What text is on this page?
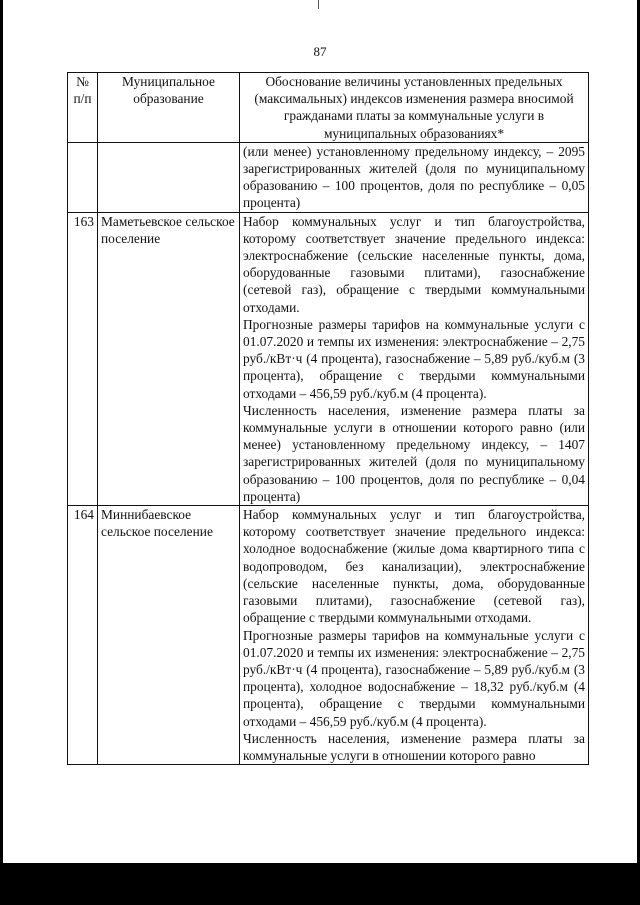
87
№ п/п	Муниципальное образование	Обоснование величины установленных предельных (максимальных) индексов изменения размера вносимой гражданами платы за коммунальные услуги в муниципальных образованиях*

		(или менее) установленному предельному индексу, – 2095 зарегистрированных жителей (доля по муниципальному образованию – 100 процентов, доля по республике – 0,05 процента)

163	Маметьевское сельское поселение	Набор коммунальных услуг и тип благоустройства, которому соответствует значение предельного индекса: электроснабжение (сельские населенные пункты, дома, оборудованные газовыми плитами), газоснабжение (сетевой газ), обращение с твердыми коммунальными отходами.

Прогнозные размеры тарифов на коммунальные услуги с 01.07.2020 и темпы их изменения: электроснабжение – 2,75 руб./кВт·ч (4 процента), газоснабжение – 5,89 руб./куб.м (3 процента), обращение с твердыми коммунальными отходами – 456,59 руб./куб.м (4 процента).

Численность населения, изменение размера платы за коммунальные услуги в отношении которого равно (или менее) установленному предельному индексу, – 1407 зарегистрированных жителей (доля по муниципальному образованию – 100 процентов, доля по республике – 0,04 процента)

164	Миннибаевское сельское поселение	Набор коммунальных услуг и тип благоустройства, которому соответствует значение предельного индекса: холодное водоснабжение (жилые дома квартирного типа с водопроводом, без канализации), электроснабжение (сельские населенные пункты, дома, оборудованные газовыми плитами), газоснабжение (сетевой газ), обращение с твердыми коммунальными отходами.

Прогнозные размеры тарифов на коммунальные услуги с 01.07.2020 и темпы их изменения: электроснабжение – 2,75 руб./кВт·ч (4 процента), газоснабжение – 5,89 руб./куб.м (3 процента), холодное водоснабжение – 18,32 руб./куб.м (4 процента), обращение с твердыми коммунальными отходами – 456,59 руб./куб.м (4 процента).

Численность населения, изменение размера платы за коммунальные услуги в отношении которого равно
